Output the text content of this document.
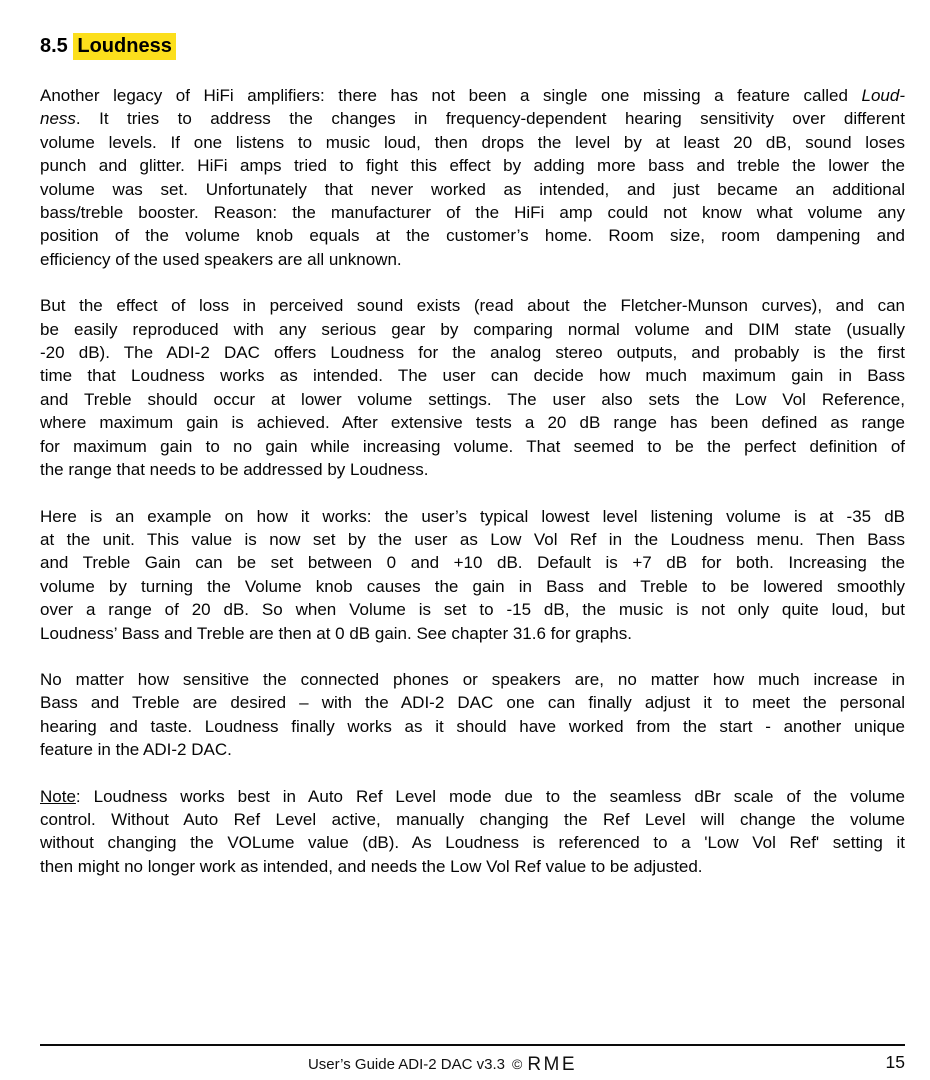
8.5 Loudness
Another legacy of HiFi amplifiers: there has not been a single one missing a feature called Loud-
ness. It tries to address the changes in frequency-dependent hearing sensitivity over different
volume levels. If one listens to music loud, then drops the level by at least 20 dB, sound loses
punch and glitter. HiFi amps tried to fight this effect by adding more bass and treble the lower the
volume was set. Unfortunately that never worked as intended, and just became an additional
bass/treble booster. Reason: the manufacturer of the HiFi amp could not know what volume any
position of the volume knob equals at the customer’s home. Room size, room dampening and
efficiency of the used speakers are all unknown.
But the effect of loss in perceived sound exists (read about the Fletcher-Munson curves), and can
be easily reproduced with any serious gear by comparing normal volume and DIM state (usually
-20 dB). The ADI-2 DAC offers Loudness for the analog stereo outputs, and probably is the first
time that Loudness works as intended. The user can decide how much maximum gain in Bass
and Treble should occur at lower volume settings. The user also sets the Low Vol Reference,
where maximum gain is achieved. After extensive tests a 20 dB range has been defined as range
for maximum gain to no gain while increasing volume. That seemed to be the perfect definition of
the range that needs to be addressed by Loudness.
Here is an example on how it works: the user’s typical lowest level listening volume is at -35 dB
at the unit. This value is now set by the user as Low Vol Ref in the Loudness menu. Then Bass
and Treble Gain can be set between 0 and +10 dB. Default is +7 dB for both. Increasing the
volume by turning the Volume knob causes the gain in Bass and Treble to be lowered smoothly
over a range of 20 dB. So when Volume is set to -15 dB, the music is not only quite loud, but
Loudness’ Bass and Treble are then at 0 dB gain. See chapter 31.6 for graphs.
No matter how sensitive the connected phones or speakers are, no matter how much increase in
Bass and Treble are desired – with the ADI-2 DAC one can finally adjust it to meet the personal
hearing and taste. Loudness finally works as it should have worked from the start - another unique
feature in the ADI-2 DAC.
Note: Loudness works best in Auto Ref Level mode due to the seamless dBr scale of the volume
control. Without Auto Ref Level active, manually changing the Ref Level will change the volume
without changing the VOLume value (dB). As Loudness is referenced to a 'Low Vol Ref' setting it
then might no longer work as intended, and needs the Low Vol Ref value to be adjusted.
User’s Guide ADI-2 DAC v3.3 © RME	15
